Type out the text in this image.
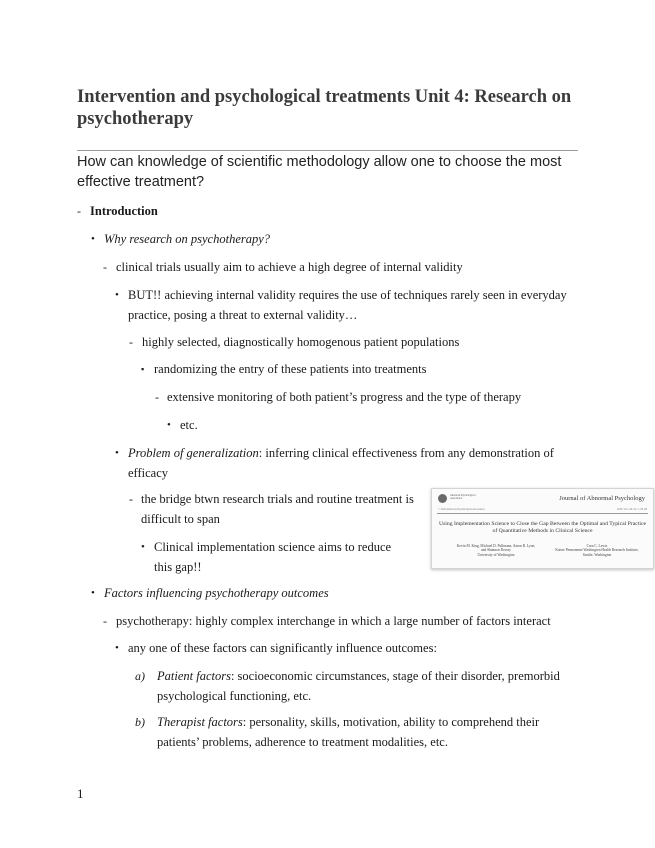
Intervention and psychological treatments Unit 4: Research on psychotherapy
How can knowledge of scientific methodology allow one to choose the most effective treatment?
- Introduction
• Why research on psychotherapy?
- clinical trials usually aim to achieve a high degree of internal validity
• BUT!! achieving internal validity requires the use of techniques rarely seen in everyday practice, posing a threat to external validity…
- highly selected, diagnostically homogenous patient populations
▪ randomizing the entry of these patients into treatments
- extensive monitoring of both patient’s progress and the type of therapy
• etc.
• Problem of generalization: inferring clinical effectiveness from any demonstration of efficacy
- the bridge btwn research trials and routine treatment is difficult to span
• Clinical implementation science aims to reduce this gap!!
American Psychological Association	Journal of Abnormal Psychology
© 2020 American Psychological Association	2020, Vol. 129, No. 1, 84–98
Using Implementation Science to Close the Gap Between the Optimal and Typical Practice of Quantitative Methods in Clinical Science
Kevin M. King, Michael D. Pullmann, Aaron R. Lyon, and Shannon Dorsey
University of Washington
Cara C. Lewis
Kaiser Permanente Washington Health Research Institute, Seattle, Washington
• Factors influencing psychotherapy outcomes
- psychotherapy: highly complex interchange in which a large number of factors interact
• any one of these factors can significantly influence outcomes:
a) Patient factors: socioeconomic circumstances, stage of their disorder, premorbid psychological functioning, etc.
b) Therapist factors: personality, skills, motivation, ability to comprehend their patients’ problems, adherence to treatment modalities, etc.
1
